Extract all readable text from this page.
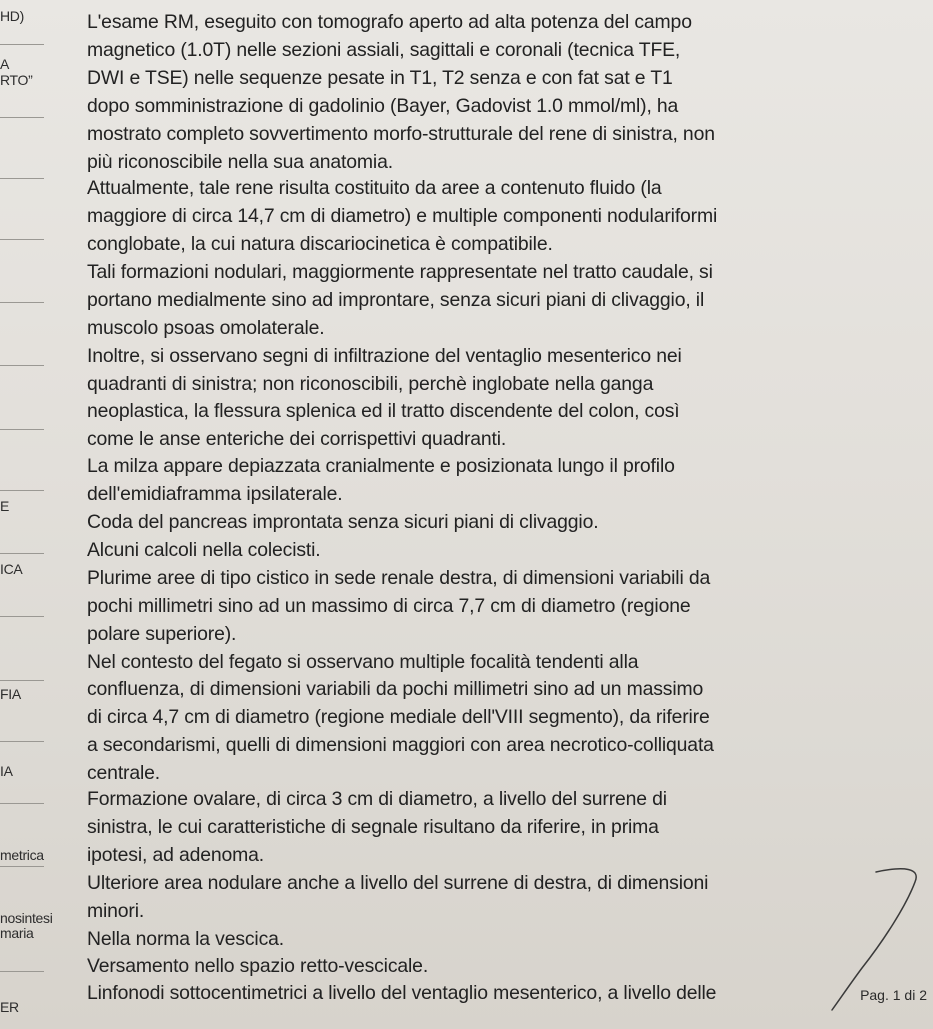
HD)
A
RTO”
E
ICA
FIA
IA
metrica
nosintesi
maria
ER
L'esame RM, eseguito con tomografo aperto ad alta potenza del campo
magnetico (1.0T) nelle sezioni assiali, sagittali e coronali (tecnica TFE,
DWI e TSE) nelle sequenze pesate in T1, T2 senza e con fat sat e T1
dopo somministrazione di gadolinio (Bayer, Gadovist 1.0 mmol/ml), ha
mostrato completo sovvertimento morfo-strutturale del rene di sinistra, non
più riconoscibile nella sua anatomia.
Attualmente, tale rene risulta costituito da aree a contenuto fluido (la
maggiore di circa 14,7 cm di diametro) e multiple componenti nodulariformi
conglobate, la cui natura discariocinetica è compatibile.
Tali formazioni nodulari, maggiormente rappresentate nel tratto caudale, si
portano medialmente sino ad improntare, senza sicuri piani di clivaggio, il
muscolo psoas omolaterale.
Inoltre, si osservano segni di infiltrazione del ventaglio mesenterico nei
quadranti di sinistra; non riconoscibili, perchè inglobate nella ganga
neoplastica, la flessura splenica ed il tratto discendente del colon, così
come le anse enteriche dei corrispettivi quadranti.
La milza appare depiazzata cranialmente e posizionata lungo il profilo
dell'emidiaframma ipsilaterale.
Coda del pancreas improntata senza sicuri piani di clivaggio.
Alcuni calcoli nella colecisti.
Plurime aree di tipo cistico in sede renale destra, di dimensioni variabili da
pochi millimetri sino ad un massimo di circa 7,7 cm di diametro (regione
polare superiore).
Nel contesto del fegato si osservano multiple focalità tendenti alla
confluenza, di dimensioni variabili da pochi millimetri sino ad un massimo
di circa 4,7 cm di diametro (regione mediale dell'VIII segmento), da riferire
a secondarismi, quelli di dimensioni maggiori con area necrotico-colliquata
centrale.
Formazione ovalare, di circa 3 cm di diametro, a livello del surrene di
sinistra, le cui caratteristiche di segnale risultano da riferire, in prima
ipotesi, ad adenoma.
Ulteriore area nodulare anche a livello del surrene di destra, di dimensioni
minori.
Nella norma la vescica.
Versamento nello spazio retto-vescicale.
Linfonodi sottocentimetrici a livello del ventaglio mesenterico, a livello delle	Pag. 1 di 2
